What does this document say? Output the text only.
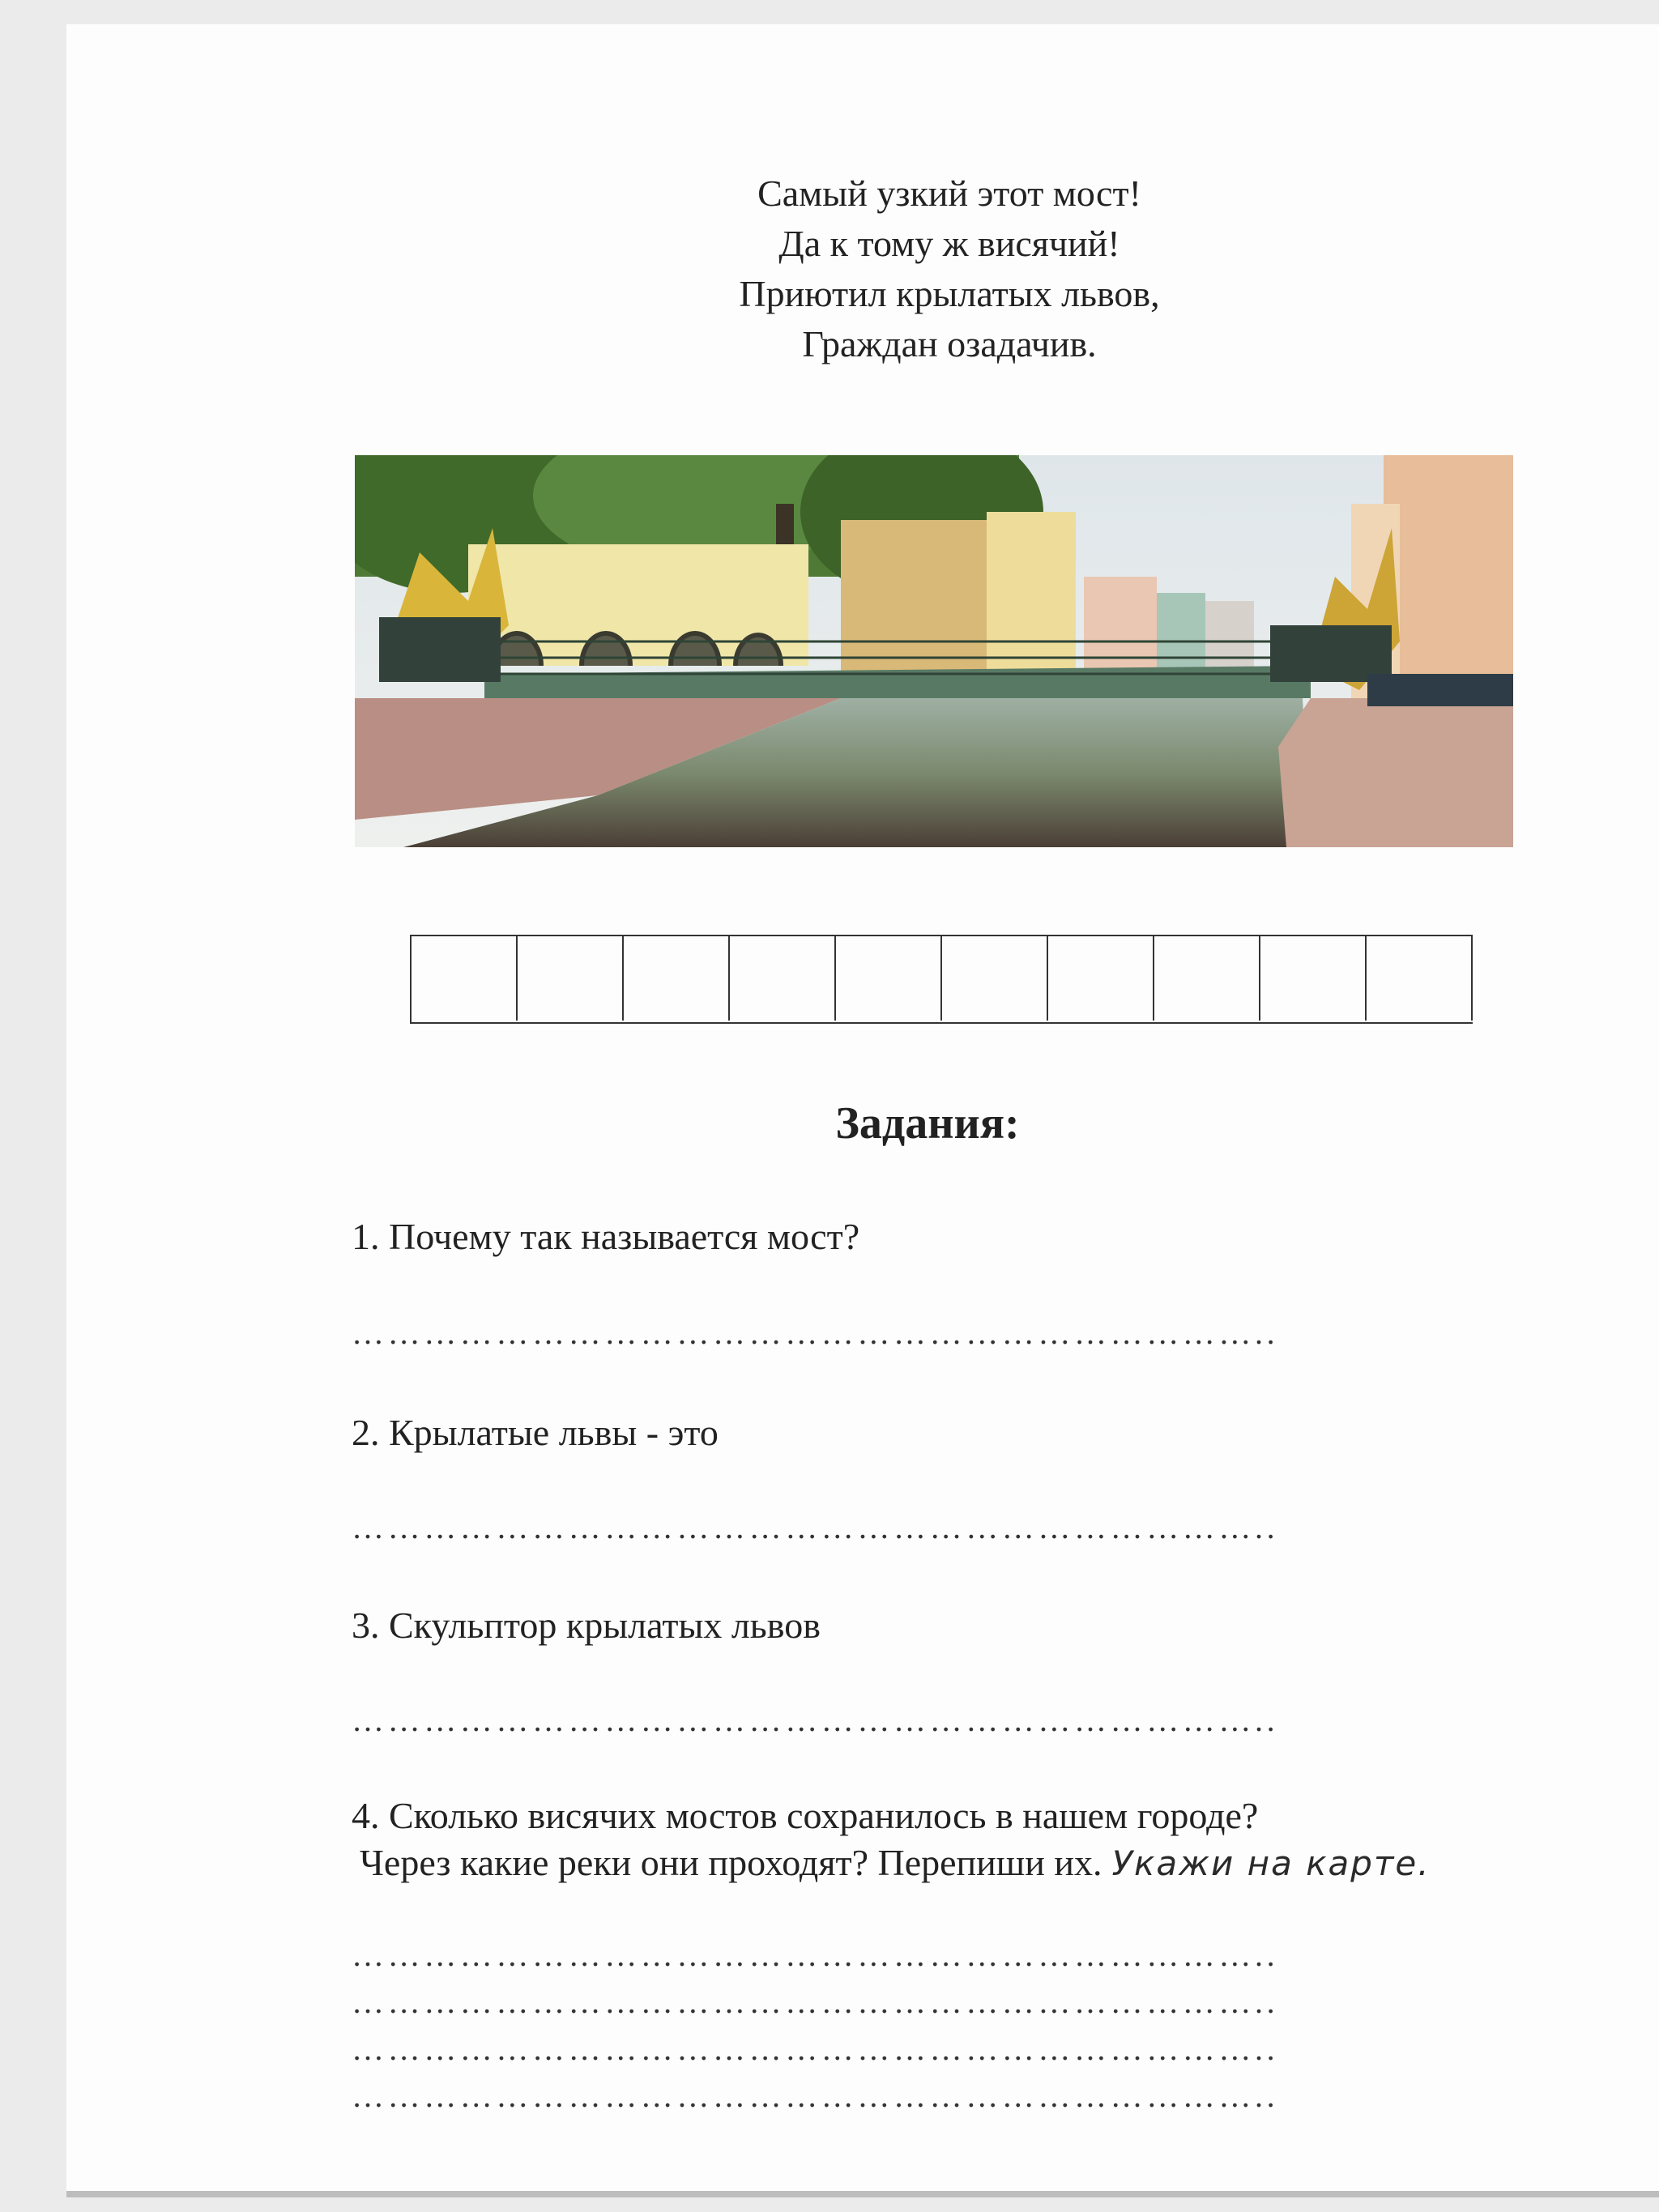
Самый узкий этот мост!
Да к тому ж висячий!
Приютил крылатых львов,
Граждан озадачив.
Задания:
1. Почему так называется мост?
…………………………………………………………………..
2. Крылатые львы - это
…………………………………………………………………..
3. Скульптор крылатых львов
…………………………………………………………………..
4. Сколько висячих мостов сохранилось в нашем городе?
Через какие реки они проходят? Перепиши их. Укажи на карте.
…………………………………………………………………..
…………………………………………………………………..
…………………………………………………………………..
…………………………………………………………………..
